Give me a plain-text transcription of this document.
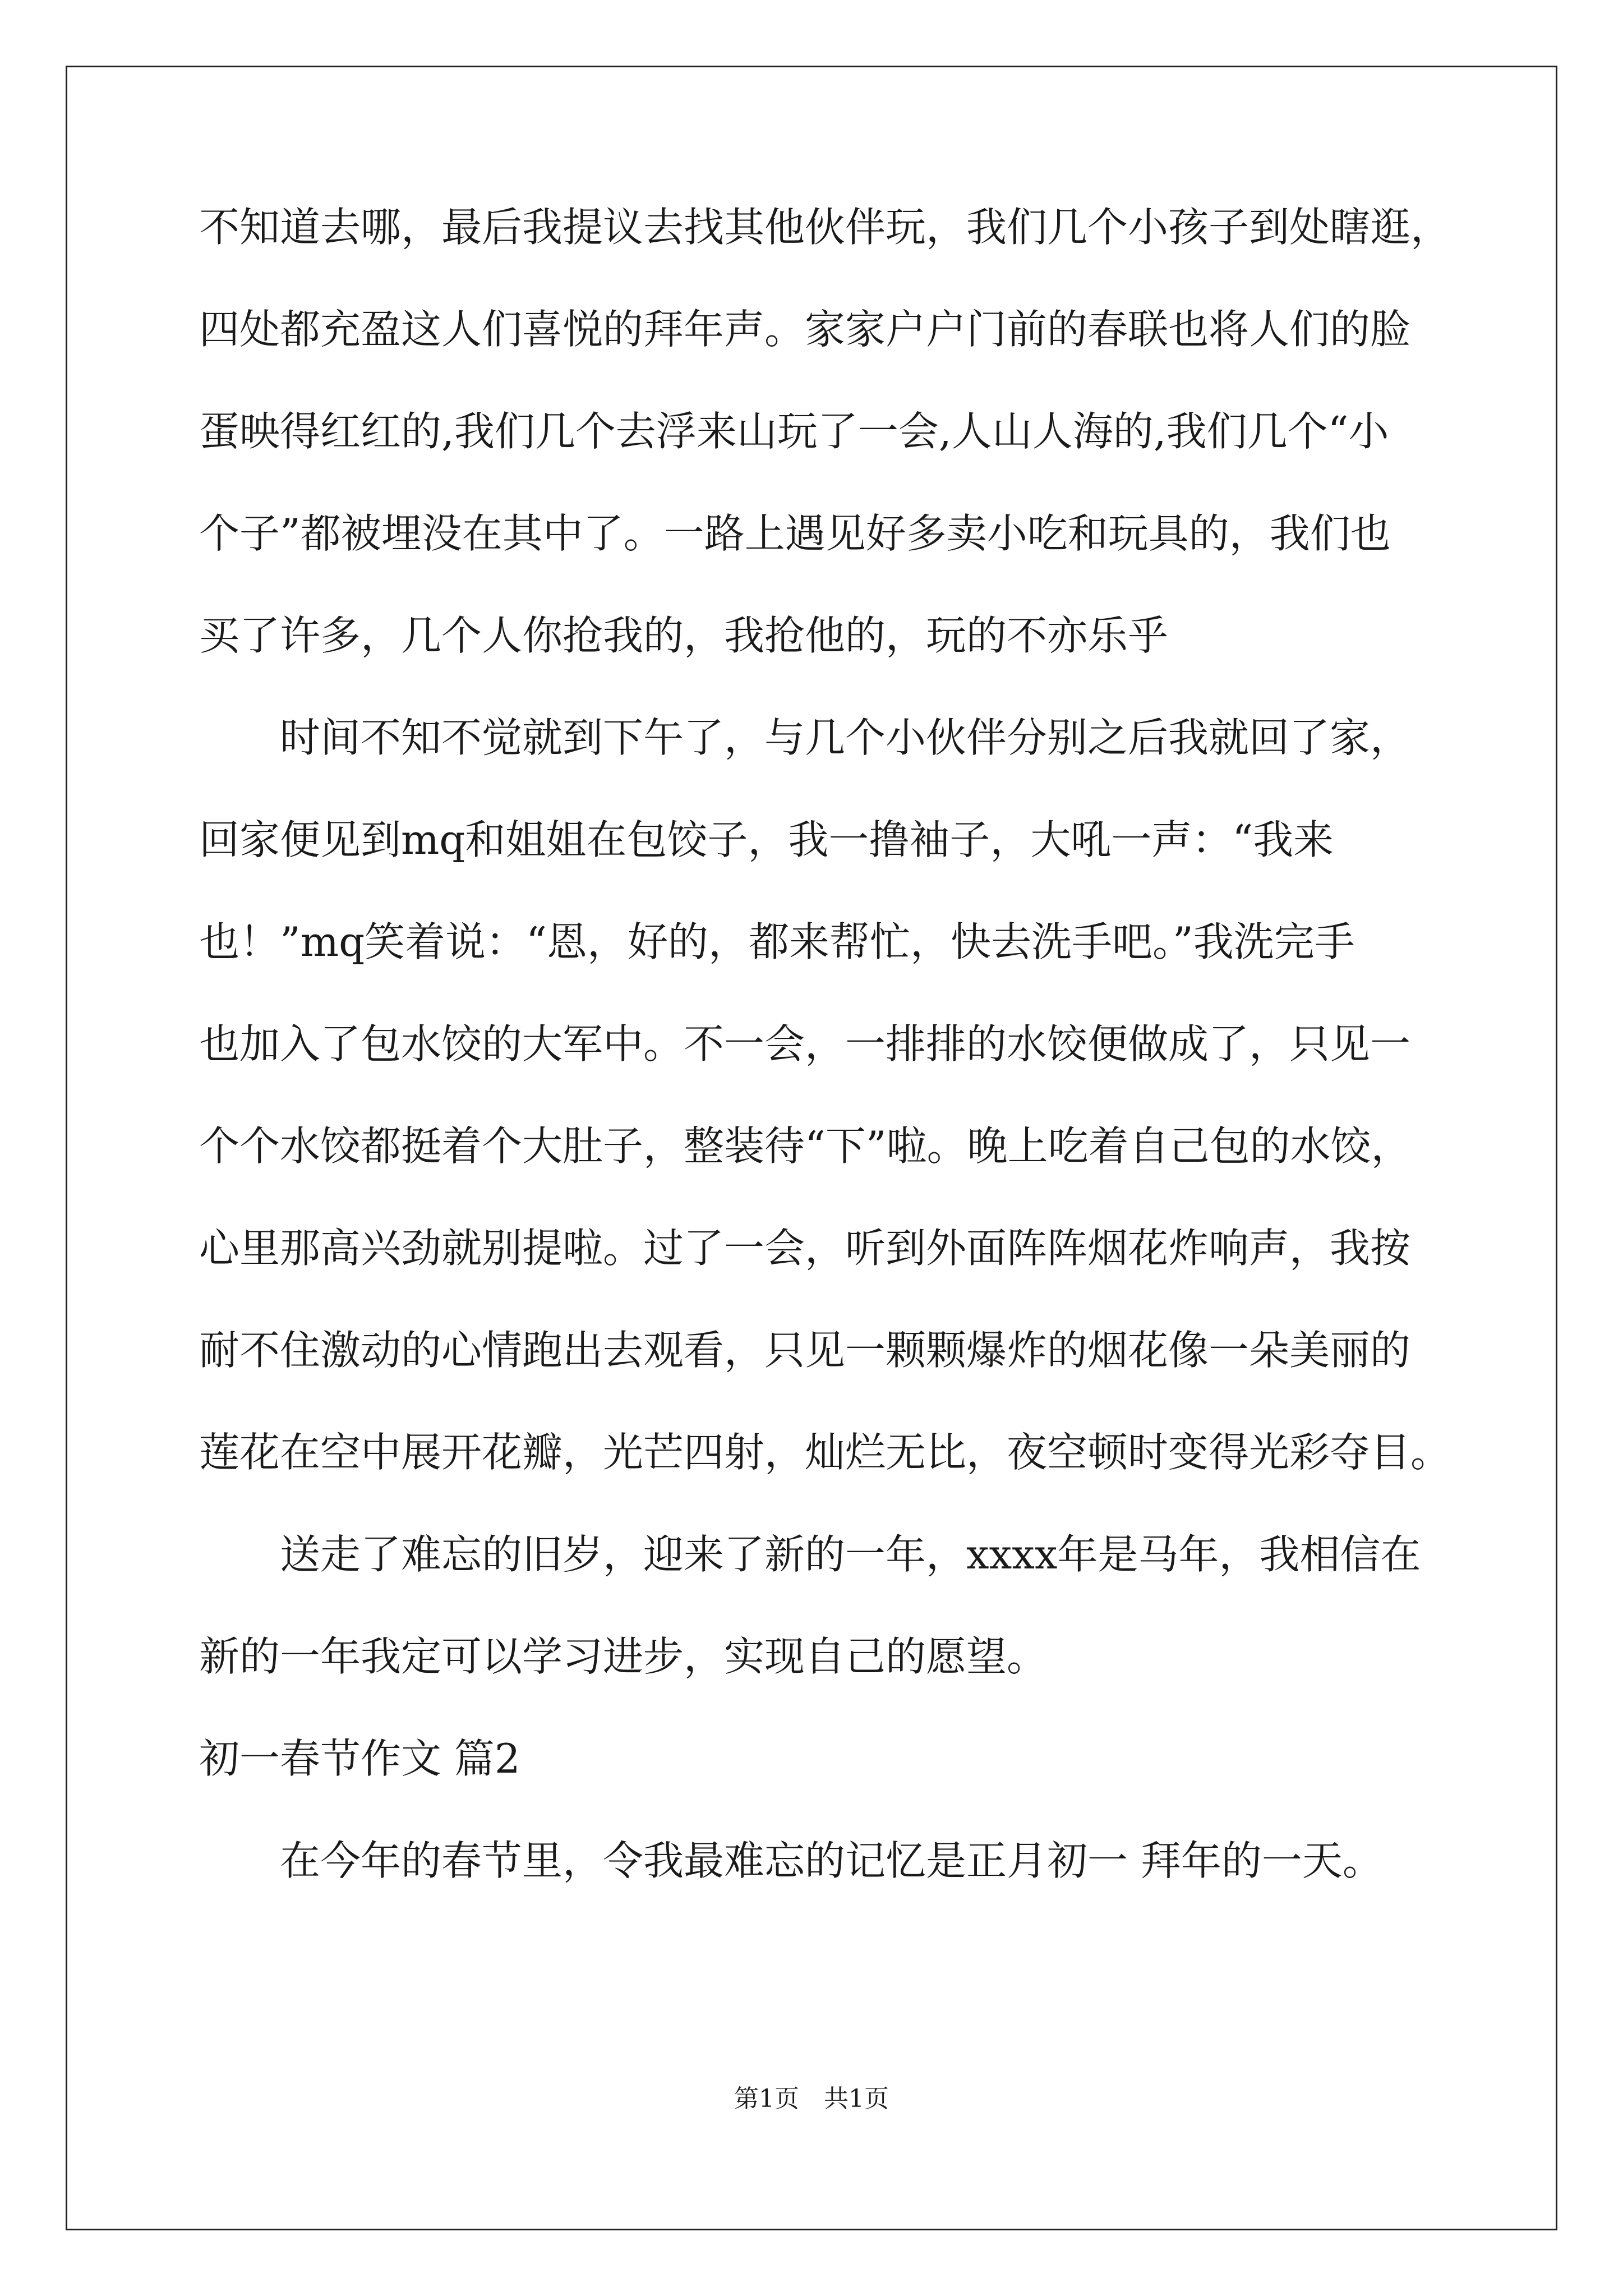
不知道去哪，最后我提议去找其他伙伴玩，我们几个小孩子到处瞎逛，
四处都充盈这人们喜悦的拜年声。家家户户门前的春联也将人们的脸
蛋映得红红的,我们几个去浮来山玩了一会,人山人海的,我们几个“小
个子”都被埋没在其中了。一路上遇见好多卖小吃和玩具的，我们也
买了许多，几个人你抢我的，我抢他的，玩的不亦乐乎
　　时间不知不觉就到下午了，与几个小伙伴分别之后我就回了家，
回家便见到mq和姐姐在包饺子，我一撸袖子，大吼一声：“我来
也！”mq笑着说：“恩，好的，都来帮忙，快去洗手吧。”我洗完手
也加入了包水饺的大军中。不一会，一排排的水饺便做成了，只见一
个个水饺都挺着个大肚子，整装待“下”啦。晚上吃着自己包的水饺，
心里那高兴劲就别提啦。过了一会，听到外面阵阵烟花炸响声，我按
耐不住激动的心情跑出去观看，只见一颗颗爆炸的烟花像一朵美丽的
莲花在空中展开花瓣，光芒四射，灿烂无比，夜空顿时变得光彩夺目。
　　送走了难忘的旧岁，迎来了新的一年，xxxx年是马年，我相信在
新的一年我定可以学习进步，实现自己的愿望。
初一春节作文 篇2
　　在今年的春节里，令我最难忘的记忆是正月初一 拜年的一天。
第1页　共1页
